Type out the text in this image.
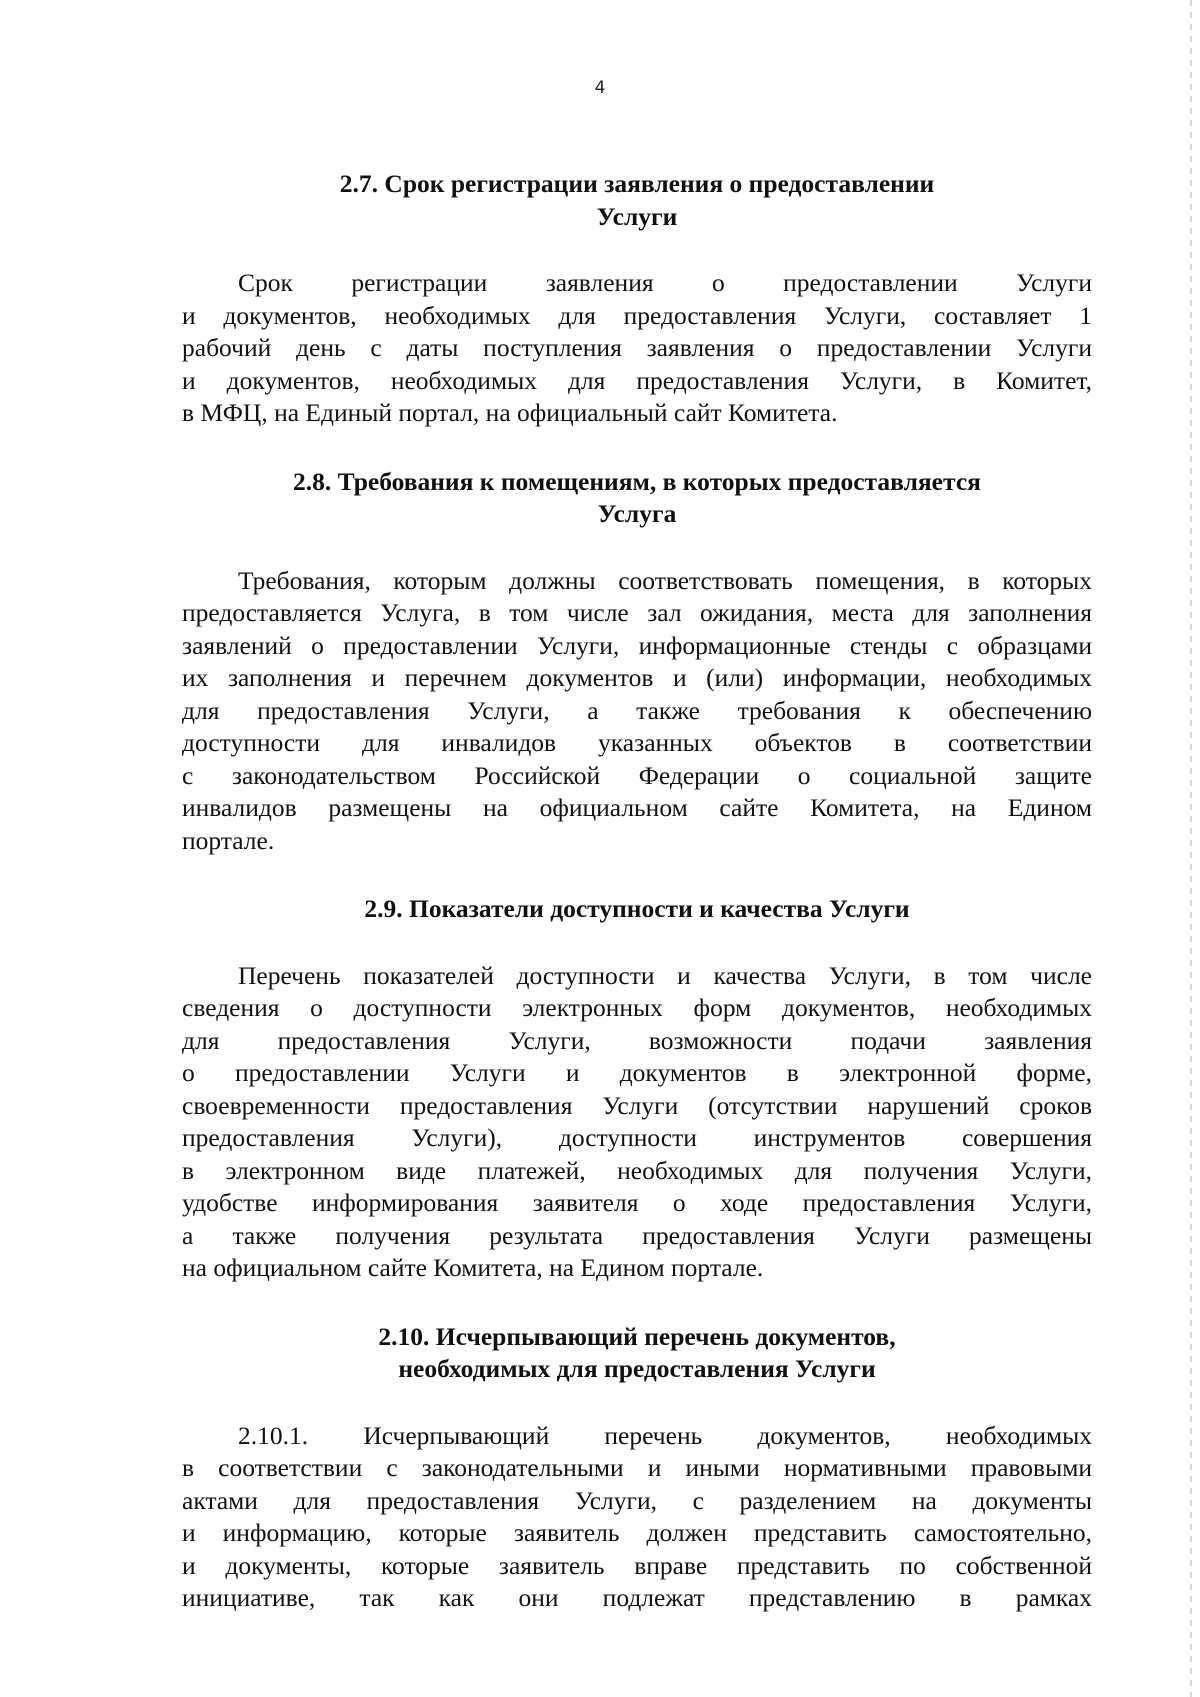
4
2.7. Срок регистрации заявления о предоставлении
Услуги

Срок регистрации заявления о предоставлении Услуги
и документов, необходимых для предоставления Услуги, составляет 1
рабочий день с даты поступления заявления о предоставлении Услуги
и документов, необходимых для предоставления Услуги, в Комитет,
в МФЦ, на Единый портал, на официальный сайт Комитета.

2.8. Требования к помещениям, в которых предоставляется
Услуга

Требования, которым должны соответствовать помещения, в которых
предоставляется Услуга, в том числе зал ожидания, места для заполнения
заявлений о предоставлении Услуги, информационные стенды с образцами
их заполнения и перечнем документов и (или) информации, необходимых
для предоставления Услуги, а также требования к обеспечению
доступности для инвалидов указанных объектов в соответствии
с законодательством Российской Федерации о социальной защите
инвалидов размещены на официальном сайте Комитета, на Едином
портале.

2.9. Показатели доступности и качества Услуги

Перечень показателей доступности и качества Услуги, в том числе
сведения о доступности электронных форм документов, необходимых
для предоставления Услуги, возможности подачи заявления
о предоставлении Услуги и документов в электронной форме,
своевременности предоставления Услуги (отсутствии нарушений сроков
предоставления Услуги), доступности инструментов совершения
в электронном виде платежей, необходимых для получения Услуги,
удобстве информирования заявителя о ходе предоставления Услуги,
а также получения результата предоставления Услуги размещены
на официальном сайте Комитета, на Едином портале.

2.10. Исчерпывающий перечень документов,
необходимых для предоставления Услуги

2.10.1. Исчерпывающий перечень документов, необходимых
в соответствии с законодательными и иными нормативными правовыми
актами для предоставления Услуги, с разделением на документы
и информацию, которые заявитель должен представить самостоятельно,
и документы, которые заявитель вправе представить по собственной
инициативе, так как они подлежат представлению в рамках
